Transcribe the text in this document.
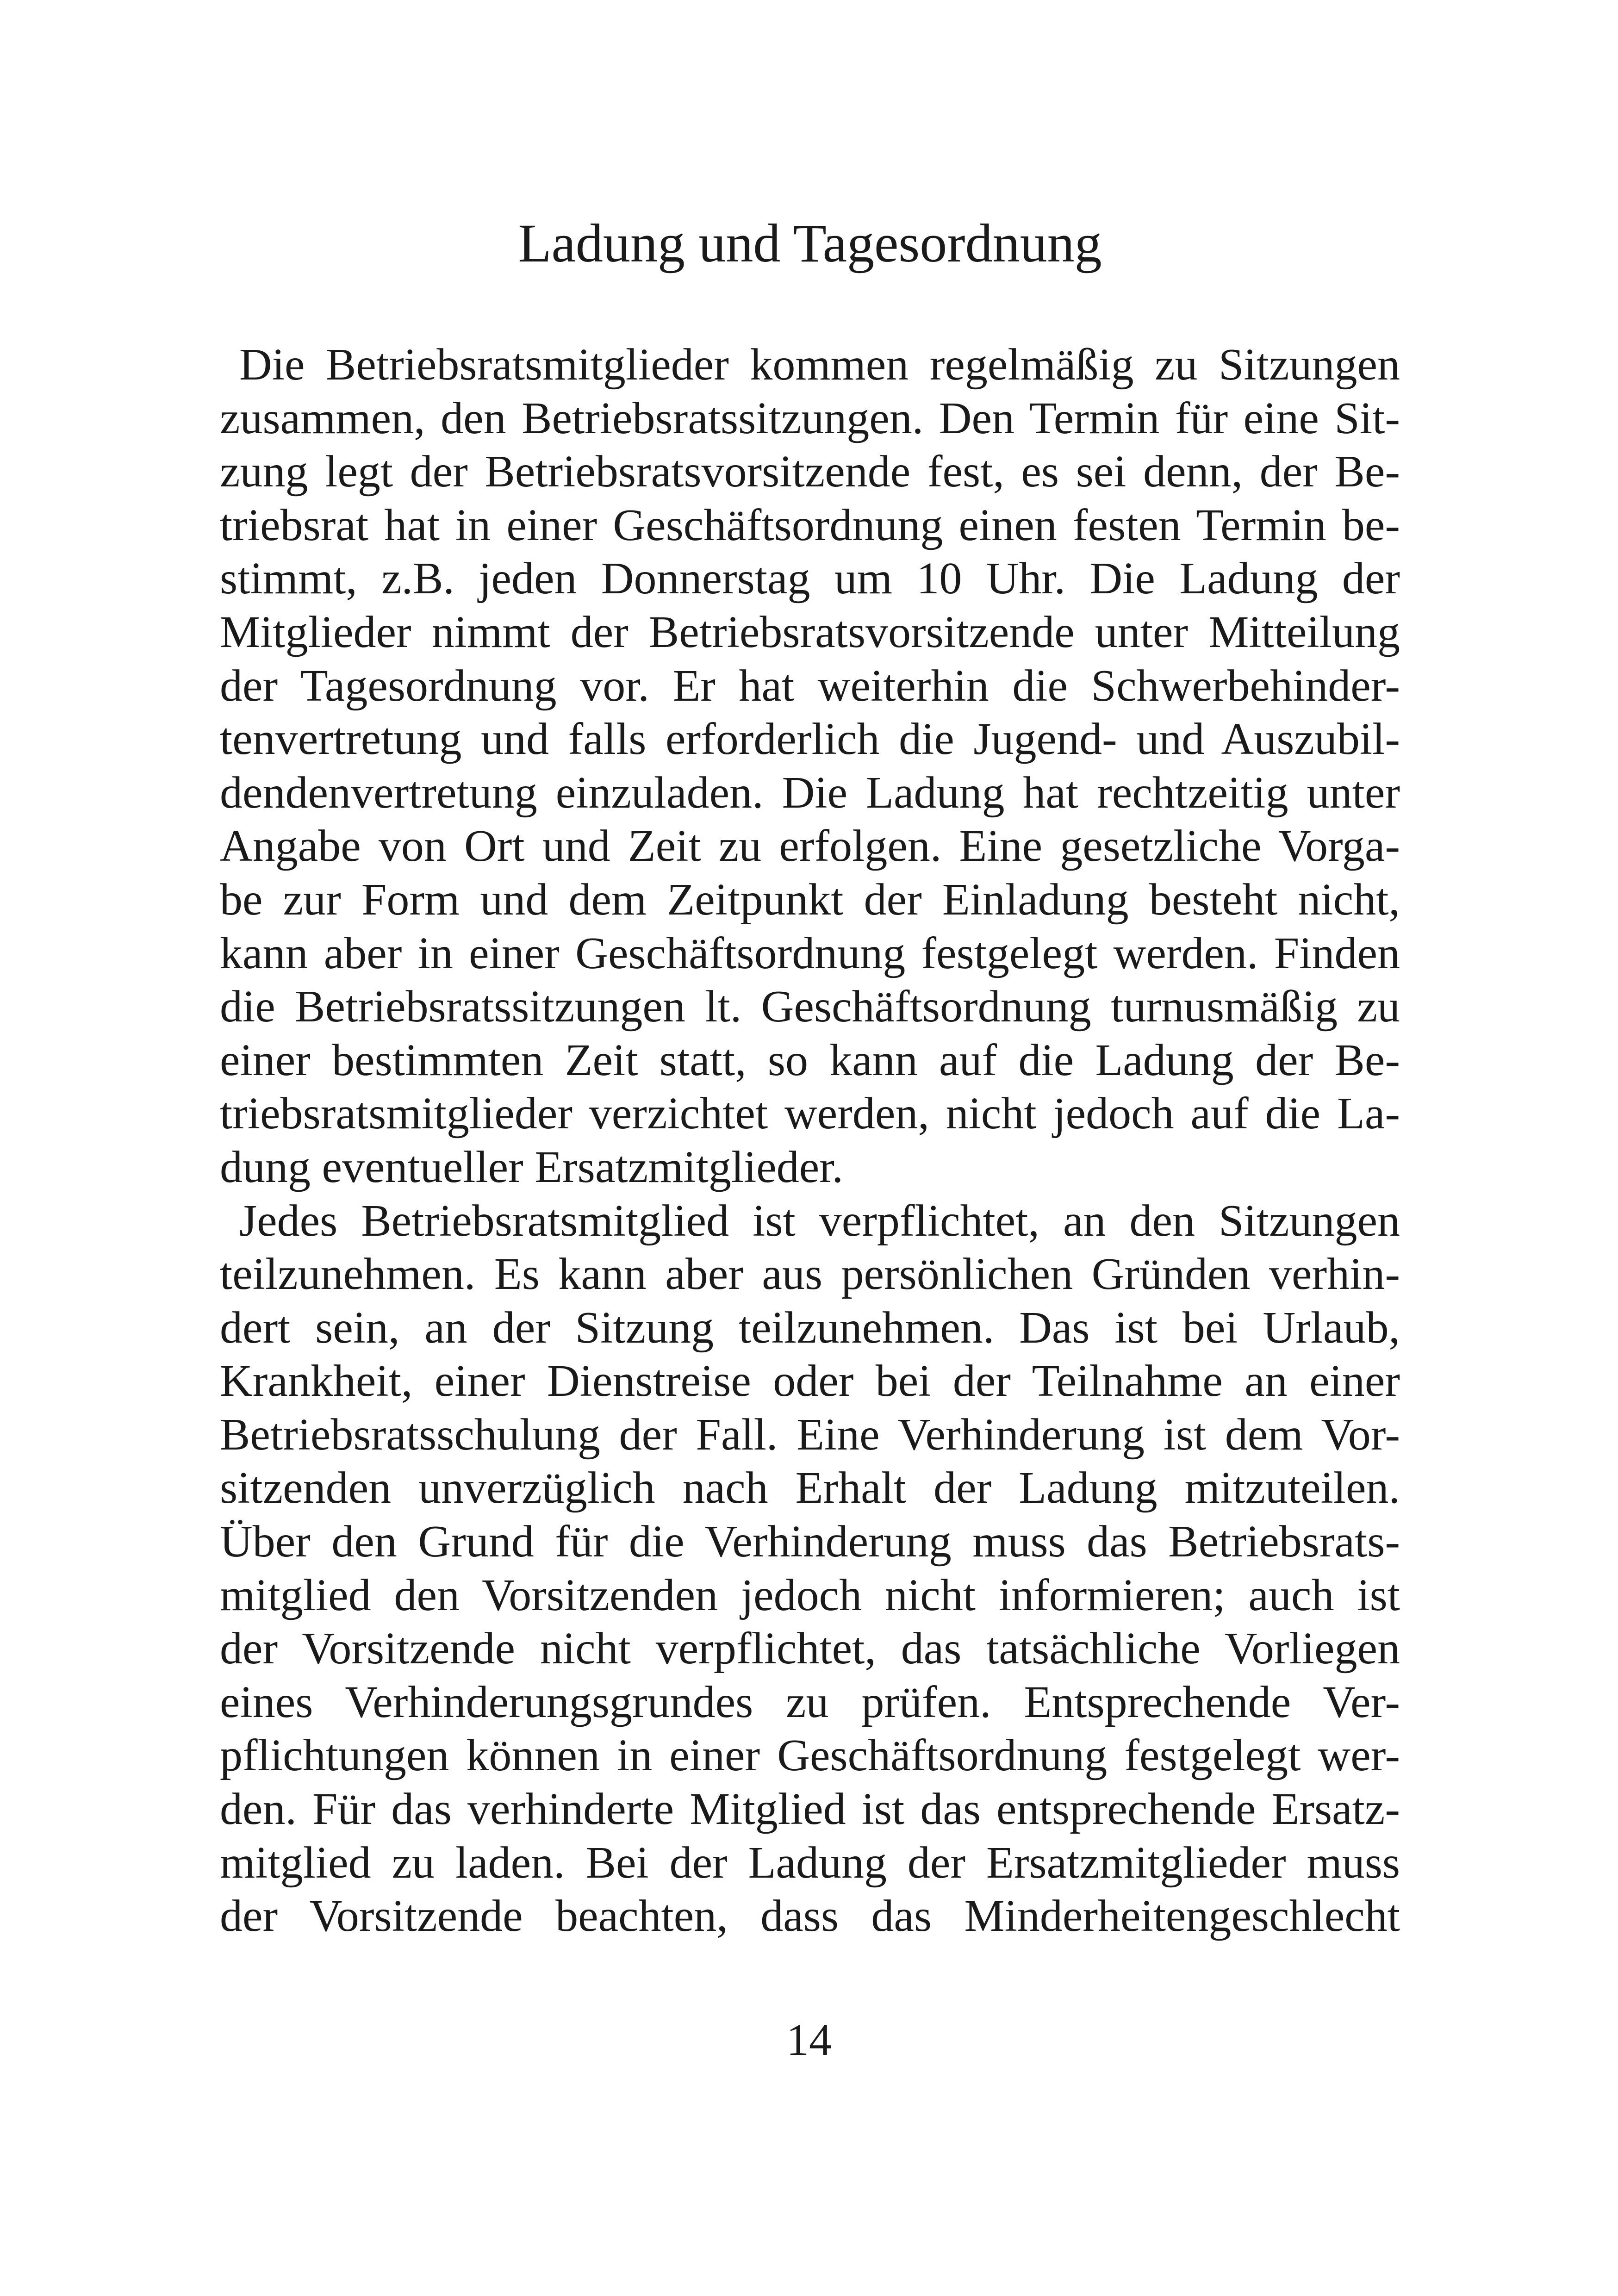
Ladung und Tagesordnung

Die Betriebsratsmitglieder kommen regelmäßig zu Sitzungen
zusammen, den Betriebsratssitzungen. Den Termin für eine Sit-
zung legt der Betriebsratsvorsitzende fest, es sei denn, der Be-
triebsrat hat in einer Geschäftsordnung einen festen Termin be-
stimmt, z.B. jeden Donnerstag um 10 Uhr. Die Ladung der
Mitglieder nimmt der Betriebsratsvorsitzende unter Mitteilung
der Tagesordnung vor. Er hat weiterhin die Schwerbehinder-
tenvertretung und falls erforderlich die Jugend- und Auszubil-
dendenvertretung einzuladen. Die Ladung hat rechtzeitig unter
Angabe von Ort und Zeit zu erfolgen. Eine gesetzliche Vorga-
be zur Form und dem Zeitpunkt der Einladung besteht nicht,
kann aber in einer Geschäftsordnung festgelegt werden. Finden
die Betriebsratssitzungen lt. Geschäftsordnung turnusmäßig zu
einer bestimmten Zeit statt, so kann auf die Ladung der Be-
triebsratsmitglieder verzichtet werden, nicht jedoch auf die La-
dung eventueller Ersatzmitglieder.

Jedes Betriebsratsmitglied ist verpflichtet, an den Sitzungen
teilzunehmen. Es kann aber aus persönlichen Gründen verhin-
dert sein, an der Sitzung teilzunehmen. Das ist bei Urlaub,
Krankheit, einer Dienstreise oder bei der Teilnahme an einer
Betriebsratsschulung der Fall. Eine Verhinderung ist dem Vor-
sitzenden unverzüglich nach Erhalt der Ladung mitzuteilen.
Über den Grund für die Verhinderung muss das Betriebsrats-
mitglied den Vorsitzenden jedoch nicht informieren; auch ist
der Vorsitzende nicht verpflichtet, das tatsächliche Vorliegen
eines Verhinderungsgrundes zu prüfen. Entsprechende Ver-
pflichtungen können in einer Geschäftsordnung festgelegt wer-
den. Für das verhinderte Mitglied ist das entsprechende Ersatz-
mitglied zu laden. Bei der Ladung der Ersatzmitglieder muss
der Vorsitzende beachten, dass das Minderheitengeschlecht

14
